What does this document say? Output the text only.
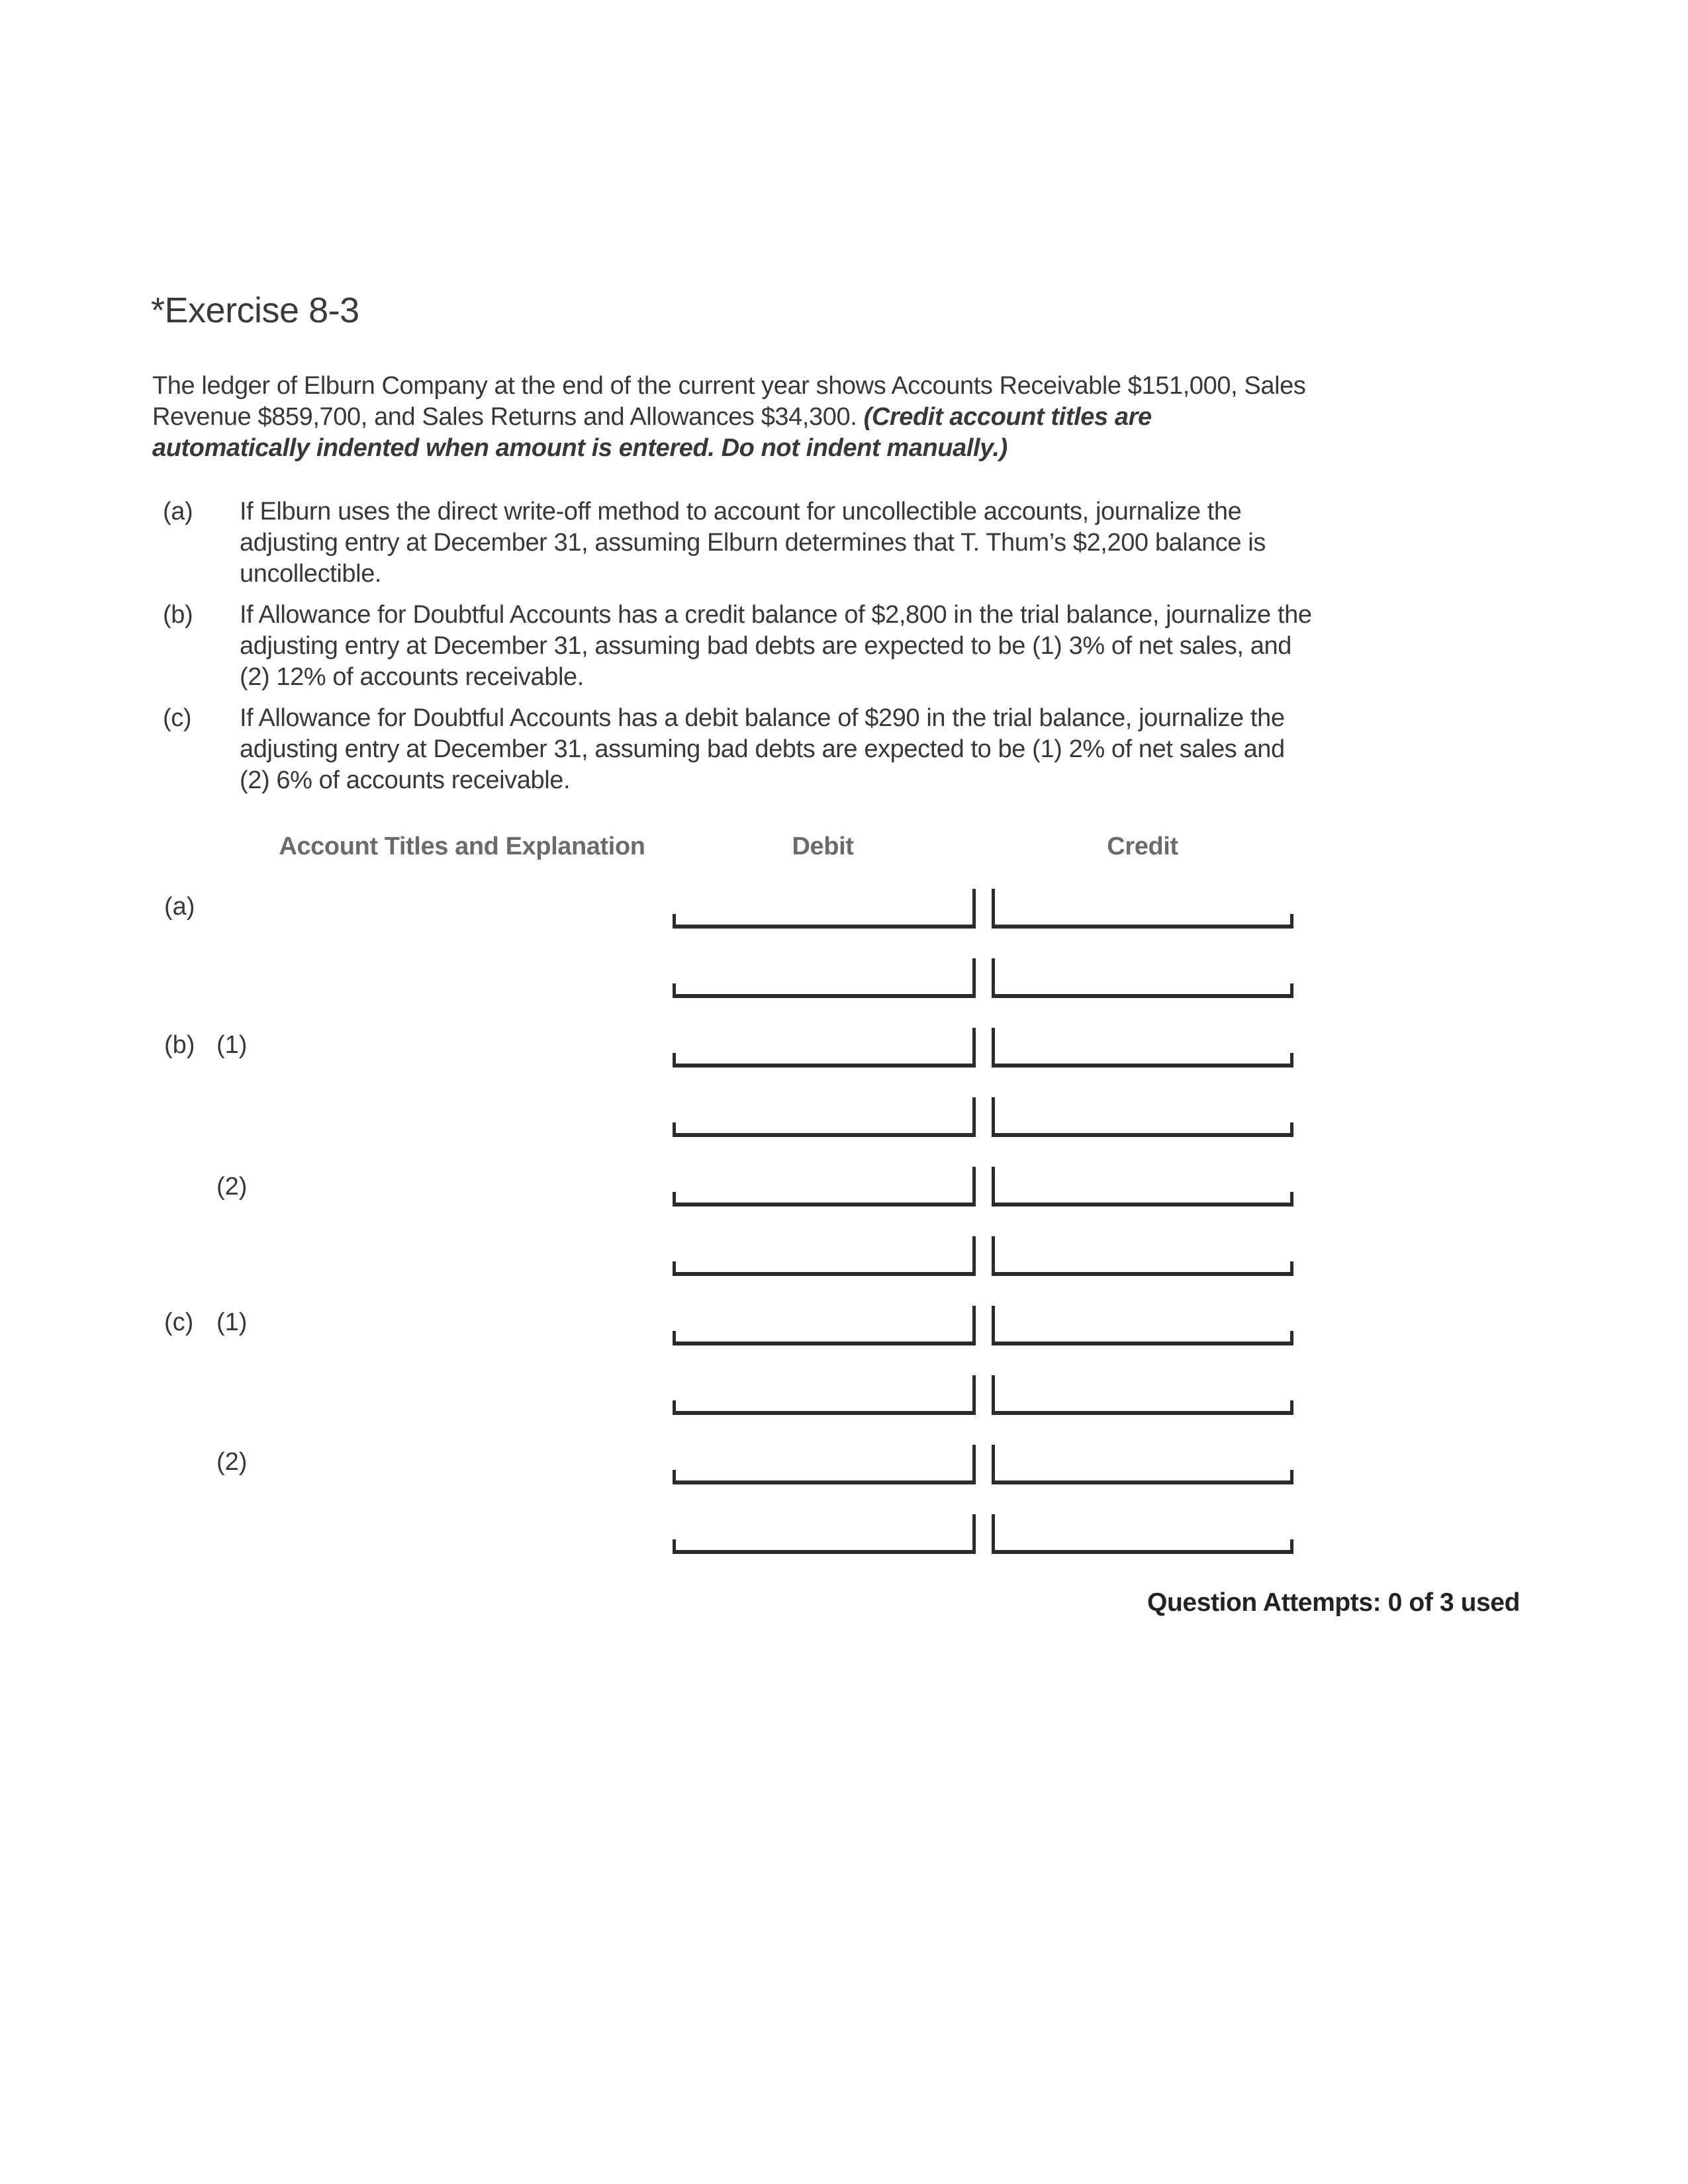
*Exercise 8-3
The ledger of Elburn Company at the end of the current year shows Accounts Receivable $151,000, Sales
Revenue $859,700, and Sales Returns and Allowances $34,300. (Credit account titles are
automatically indented when amount is entered. Do not indent manually.)
(a) If Elburn uses the direct write-off method to account for uncollectible accounts, journalize the
adjusting entry at December 31, assuming Elburn determines that T. Thum’s $2,200 balance is
uncollectible.
(b) If Allowance for Doubtful Accounts has a credit balance of $2,800 in the trial balance, journalize the
adjusting entry at December 31, assuming bad debts are expected to be (1) 3% of net sales, and
(2) 12% of accounts receivable.
(c) If Allowance for Doubtful Accounts has a debit balance of $290 in the trial balance, journalize the
adjusting entry at December 31, assuming bad debts are expected to be (1) 2% of net sales and
(2) 6% of accounts receivable.
Account Titles and Explanation	Debit	Credit
(a)
(b) (1)
(2)
(c) (1)
(2)
Question Attempts: 0 of 3 used
